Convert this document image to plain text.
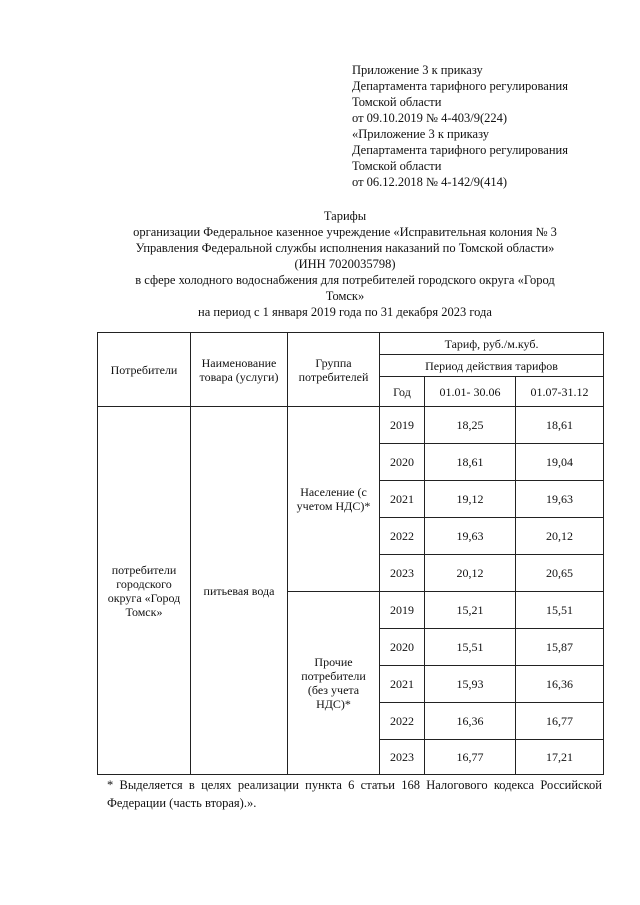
Приложение 3 к приказу
Департамента тарифного регулирования
Томской области
от 09.10.2019 № 4-403/9(224)
«Приложение 3 к приказу
Департамента тарифного регулирования
Томской области
от 06.12.2018 № 4-142/9(414)
Тарифы
организации Федеральное казенное учреждение «Исправительная колония № 3
Управления Федеральной службы исполнения наказаний по Томской области»
(ИНН 7020035798)
в сфере холодного водоснабжения для потребителей городского округа «Город
Томск»
на период с 1 января 2019 года по 31 декабря 2023 года
Потребители	Наименование товара (услуги)	Группа потребителей	Тариф, руб./м.куб.		
			Период действия тарифов		
			Год	01.01- 30.06	01.07-31.12
потребители городского округа «Город Томск»	питьевая вода	Население (с учетом НДС)*	2019	18,25	18,61
			2020	18,61	19,04
			2021	19,12	19,63
			2022	19,63	20,12
			2023	20,12	20,65
		Прочие потребители (без учета НДС)*	2019	15,21	15,51
			2020	15,51	15,87
			2021	15,93	16,36
			2022	16,36	16,77
			2023	16,77	17,21
* Выделяется в целях реализации пункта 6 статьи 168 Налогового кодекса Российской Федерации (часть вторая).».
